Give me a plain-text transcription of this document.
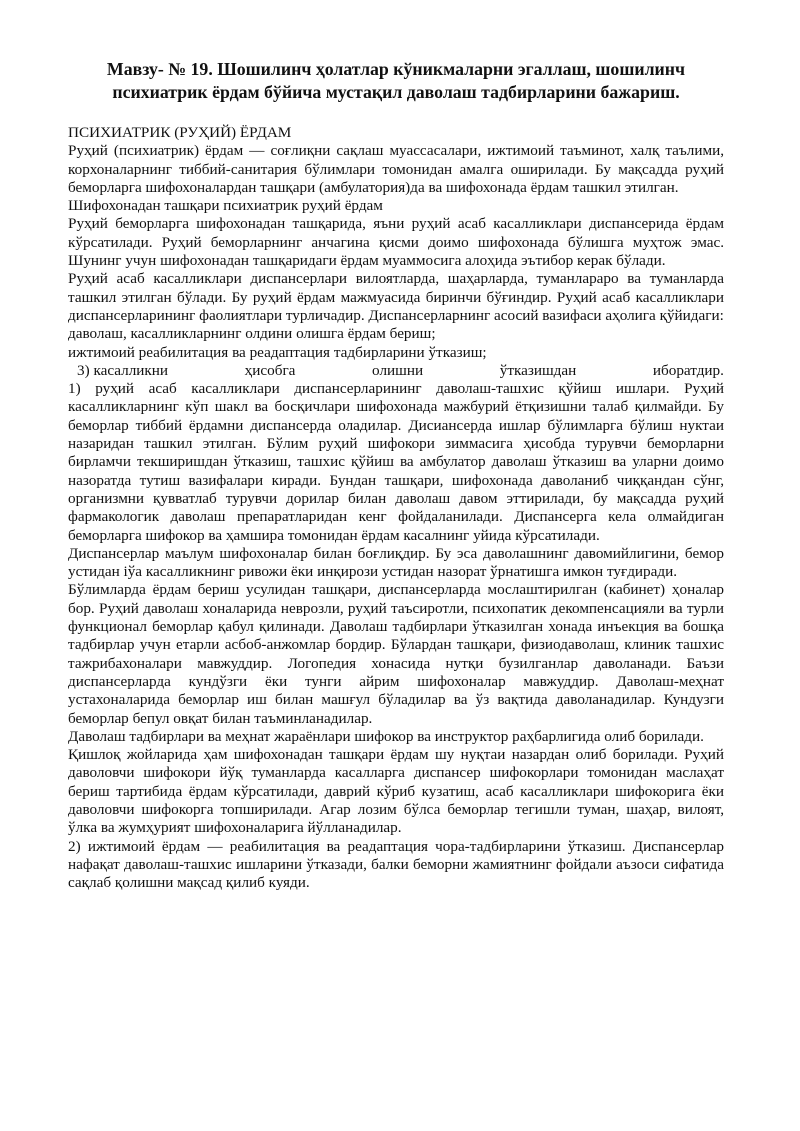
Мавзу- № 19. Шошилинч ҳолатлар кўникмаларни эгаллаш, шошилинч
психиатрик ёрдам бўйича мустақил даволаш тадбирларини бажариш.

ПСИХИАТРИК (РУҲИЙ) ЁРДАМ

Руҳий (психиатрик) ёрдам — соғлиқни сақлаш муассасалари, ижтимоий таъминот, халқ таълими, корхоналарнинг тиббий-санитария бўлимлари томонидан амалга оширилади. Бу мақсадда руҳий беморларга шифохоналардан ташқари (амбулатория)да ва шифохонада ёрдам ташкил этилган.

Шифохонадан ташқари психиатрик руҳий ёрдам

Руҳий беморларга шифохонадан ташқарида, яъни руҳий асаб касалликлари диспансерида ёрдам кўрсатилади. Руҳий беморларнинг анчагина қисми доимо шифохонада бўлишга муҳтож эмас. Шунинг учун шифохонадан ташқаридаги ёрдам муаммосига алоҳида эътибор керак бўлади.

Руҳий асаб касалликлари диспансерлари вилоятларда, шаҳарларда, туманлараро ва туманларда ташкил этилган бўлади. Бу руҳий ёрдам мажмуасида биринчи бўғиндир. Руҳий асаб касалликлари диспансерларининг фаолиятлари турличадир. Диспансерларнинг асосий вазифаси аҳолига қўйидаги:

даволаш, касалликларнинг олдини олишга ёрдам бериш;

ижтимоий реабилитация ва реадаптация тадбирларини ўтказиш;

3) касалликни	ҳисобга	олишни	ўтказишдан	иборатдир.

1) руҳий асаб касалликлари диспансерларининг даволаш-ташхис қўйиш ишлари. Руҳий касалликларнинг кўп шакл ва босқичлари шифохонада мажбурий ётқизишни талаб қилмайди. Бу беморлар тиббий ёрдамни диспансерда оладилар. Дисиансерда ишлар бўлимларга бўлиш нуктаи назаридан ташкил этилган. Бўлим руҳий шифокори зиммасига ҳисобда турувчи беморларни бирламчи текширишдан ўтказиш, ташхис қўйиш ва амбулатор даволаш ўтказиш ва уларни доимо назоратда тутиш вазифалари киради. Бундан ташқари, шифохонада даволаниб чиққандан сўнг, организмни қувватлаб турувчи дорилар билан даволаш давом эттирилади, бу мақсадда руҳий фармакологик даволаш препаратларидан кенг фойдаланилади. Диспансерга кела олмайдиган беморларга шифокор ва ҳамшира томонидан ёрдам касалнинг уйида кўрсатилади.

Диспансерлар маълум шифохоналар билан боғлиқдир. Бу эса даволашнинг давомийлигини, бемор устидан іўа касалликнинг ривожи ёки инқирози устидан назорат ўрнатишга имкон туғдиради.

Бўлимларда ёрдам бериш усулидан ташқари, диспансерларда мослаштирилган (кабинет) ҳоналар бор. Руҳий даволаш хоналарида неврозли, руҳий таъсиротли, психопатик декомпенсацияли ва турли функционал беморлар қабул қилинади. Даволаш тадбирлари ўтказилган хонада инъекция ва бошқа тадбирлар учун етарли асбоб-анжомлар бордир. Бўлардан ташқари, физиодаволаш, клиник ташхис тажрибахоналари мавжуддир. Логопедия хонасида нутқи бузилганлар даволанади. Баъзи диспансерларда кундўзги ёки тунги айрим шифохоналар мавжуддир. Даволаш-меҳнат устахоналарида беморлар иш билан машғул бўладилар ва ўз вақтида даволанадилар. Кундузги беморлар бепул овқат билан таъминланадилар.

Даволаш тадбирлари ва меҳнат жараёнлари шифокор ва инструктор раҳбарлигида олиб борилади.

Қишлоқ жойларида ҳам шифохонадан ташқари ёрдам шу нуқтаи назардан олиб борилади. Руҳий даволовчи шифокори йўқ туманларда касалларга диспансер шифокорлари томонидан маслаҳат бериш тартибида ёрдам кўрсатилади, даврий кўриб кузатиш, асаб касалликлари шифокорига ёки даволовчи шифокорга топширилади. Агар лозим бўлса беморлар тегишли туман, шаҳар, вилоят, ўлка ва жумҳурият шифохоналарига йўлланадилар.

2) ижтимоий ёрдам — реабилитация ва реадаптация чора-тадбирларини ўтказиш. Диспансерлар нафақат даволаш-ташхис ишларини ўтказади, балки беморни жамиятнинг фойдали аъзоси сифатида сақлаб қолишни мақсад қилиб куяди.
